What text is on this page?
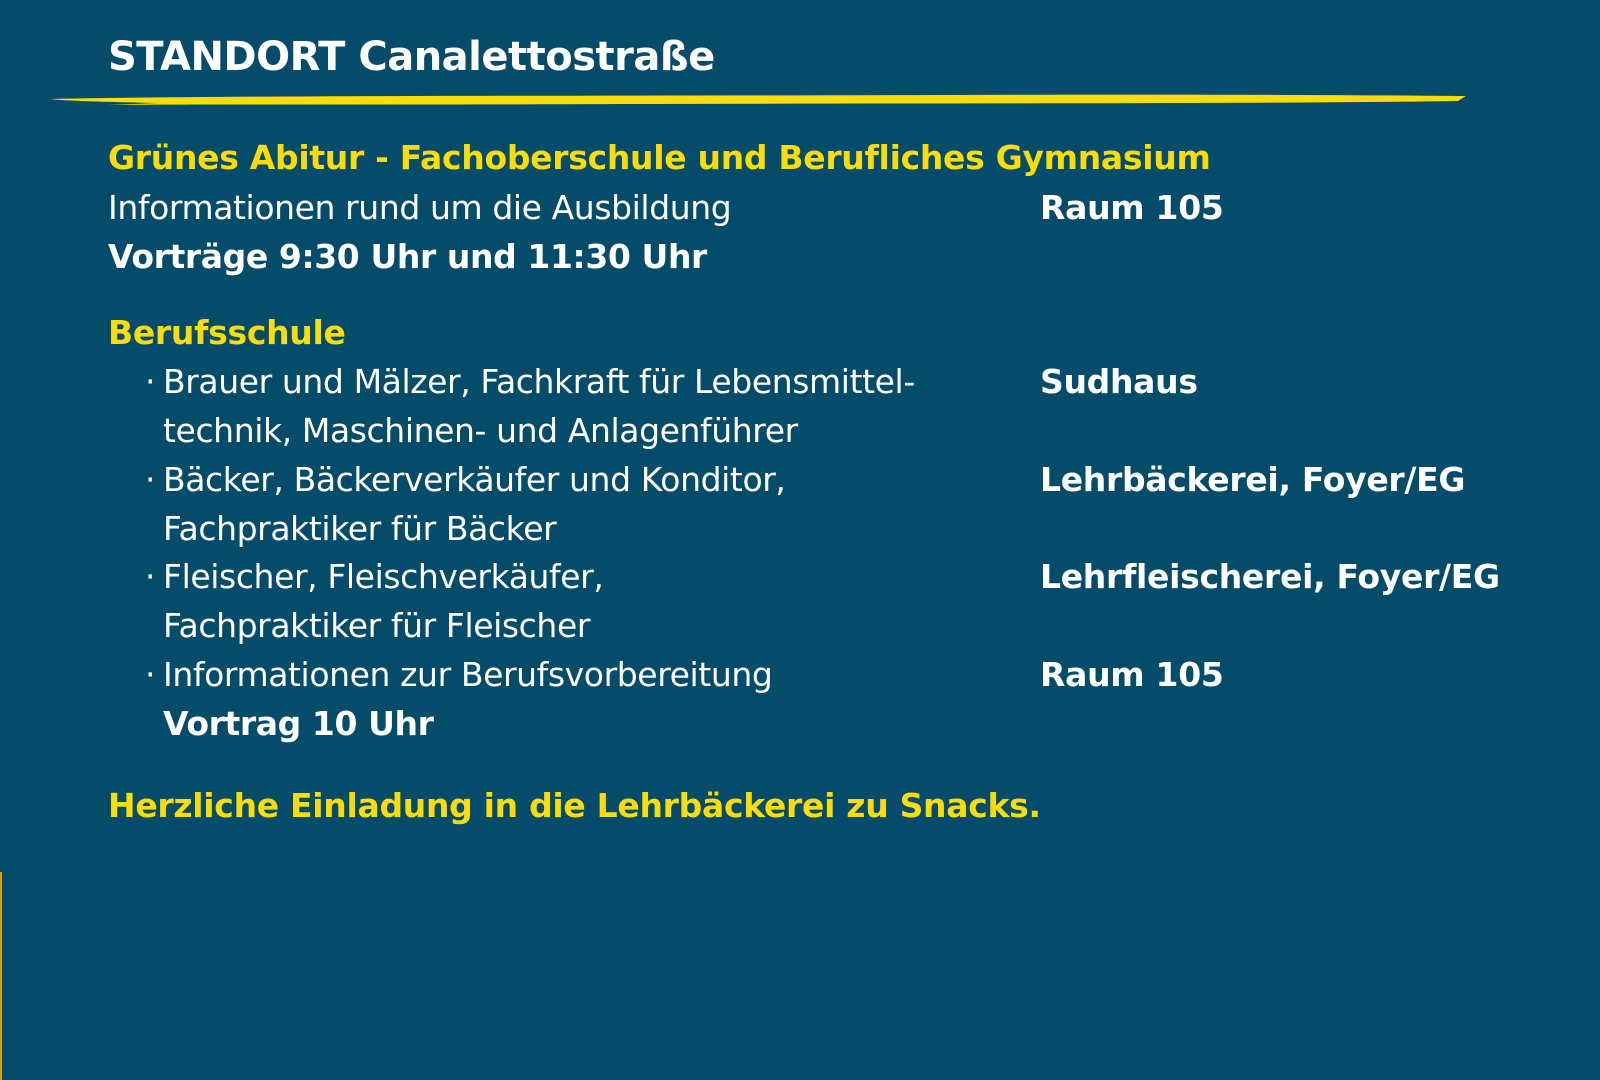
STANDORT Canalettostraße
Grünes Abitur - Fachoberschule und Berufliches Gymnasium
Informationen rund um die Ausbildung	Raum 105
Vorträge 9:30 Uhr und 11:30 Uhr
Berufsschule
· Brauer und Mälzer, Fachkraft für Lebensmittel-
technik, Maschinen- und Anlagenführer
Sudhaus
· Bäcker, Bäckerverkäufer und Konditor,
Fachpraktiker für Bäcker
Lehrbäckerei, Foyer/EG
· Fleischer, Fleischverkäufer,
Fachpraktiker für Fleischer
Lehrfleischerei, Foyer/EG
· Informationen zur Berufsvorbereitung
Vortrag 10 Uhr
Raum 105
Herzliche Einladung in die Lehrbäckerei zu Snacks.
